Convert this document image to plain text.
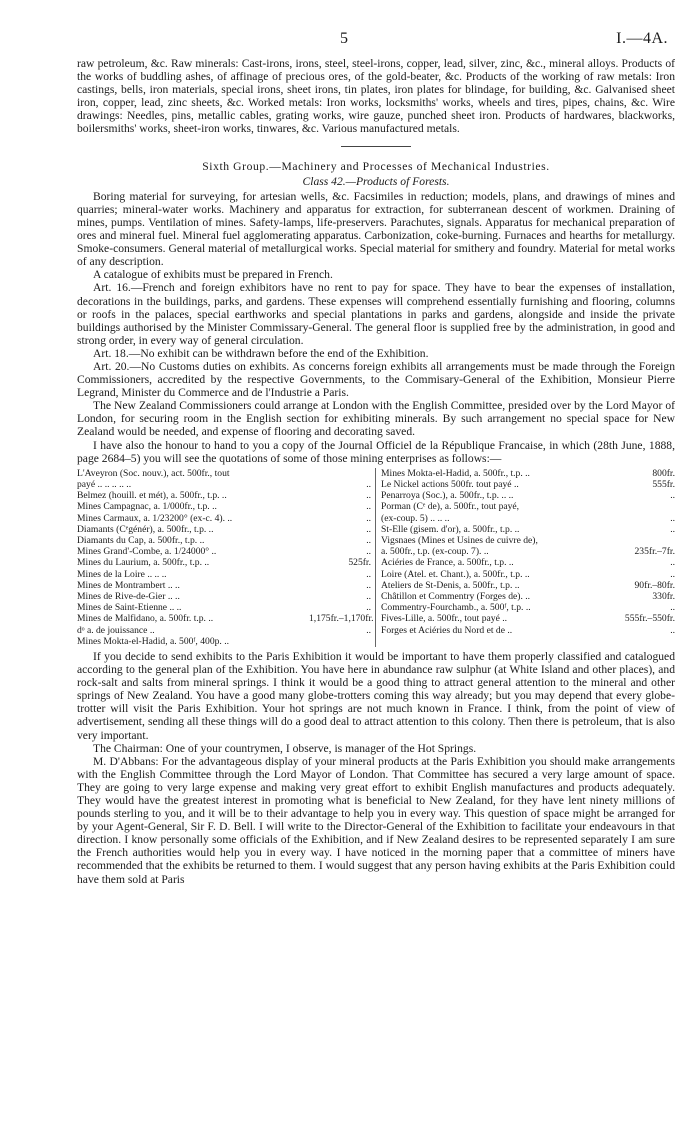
5	I.—4A.

raw petroleum, &c. Raw minerals: Cast-irons, irons, steel, steel-irons, copper, lead, silver, zinc, &c., mineral alloys. Products of the works of buddling ashes, of affinage of precious ores, of the gold-beater, &c. Products of the working of raw metals: Iron castings, bells, iron materials, special irons, sheet irons, tin plates, iron plates for blindage, for building, &c. Galvanised sheet iron, copper, lead, zinc sheets, &c. Worked metals: Iron works, locksmiths' works, wheels and tires, pipes, chains, &c. Wire drawings: Needles, pins, metallic cables, grating works, wire gauze, punched sheet iron. Products of hardwares, blackworks, boilersmiths' works, sheet-iron works, tinwares, &c. Various manufactured metals.

Sixth Group.—Machinery and Processes of Mechanical Industries.

Class 42.—Products of Forests.

Boring material for surveying, for artesian wells, &c. Facsimiles in reduction; models, plans, and drawings of mines and quarries; mineral-water works. Machinery and apparatus for extraction, for subterranean descent of workmen. Draining of mines, pumps. Ventilation of mines. Safety-lamps, life-preservers. Parachutes, signals. Apparatus for mechanical preparation of ores and mineral fuel. Mineral fuel agglomerating apparatus. Carbonization, coke-burning. Furnaces and hearths for metallurgy. Smoke-consumers. General material of metallurgical works. Special material for smithery and foundry. Material for metal works of any description.

A catalogue of exhibits must be prepared in French.

Art. 16.—French and foreign exhibitors have no rent to pay for space. They have to bear the expenses of installation, decorations in the buildings, parks, and gardens. These expenses will comprehend essentially furnishing and flooring, columns or roofs in the palaces, special earthworks and special plantations in parks and gardens, alongside and inside the private buildings authorised by the Minister Commissary-General. The general floor is supplied free by the administration, in good and strong order, in every way of general circulation.

Art. 18.—No exhibit can be withdrawn before the end of the Exhibition.

Art. 20.—No Customs duties on exhibits. As concerns foreign exhibits all arrangements must be made through the Foreign Commissioners, accredited by the respective Governments, to the Commisary-General of the Exhibition, Monsieur Pierre Legrand, Minister du Commerce and de l'Industrie a Paris.

The New Zealand Commissioners could arrange at London with the English Committee, presided over by the Lord Mayor of London, for securing room in the English section for exhibiting minerals. By such arrangement no special space for New Zealand would be needed, and expense of flooring and decorating saved.

I have also the honour to hand to you a copy of the Journal Officiel de la République Francaise, in which (28th June, 1888, page 2684–5) you will see the quotations of some of those mining enterprises as follows:—

L'Aveyron (Soc. nouv.), act. 500fr., tout
payé .. .. .. .. ..	..
Belmez (houill. et mét), a. 500fr., t.p. ..	..
Mines Campagnac, a. 1/000fr., t.p. ..	..
Mines Carmaux, a. 1/23200° (ex-c. 4). ..	..
Diamants (Cᵉgénér), a. 500fr., t.p. ..	..
Diamants du Cap, a. 500fr., t.p. ..	..
Mines Grand'-Combe, a. 1/24000° ..	..
Mines du Laurium, a. 500fr., t.p. ..	525fr.
Mines de la Loire .. .. ..	..
Mines de Montrambert .. ..	..
Mines de Rive-de-Gier .. ..	..
Mines de Saint-Etienne .. ..	..
Mines de Malfidano, a. 500fr. t.p. ..	1,175fr.–1,170fr.
dᵒ a. de jouissance ..	..
Mines Mokta-el-Hadid, a. 500ᶠ, 400p. ..
Mines Mokta-el-Hadid, a. 500fr., t.p. ..	800fr.
Le Nickel actions 500fr. tout payé ..	555fr.
Penarroya (Soc.), a. 500fr., t.p. .. ..	..
Porman (Cᵉ de), a. 500fr., tout payé,
(ex-coup. 5) .. .. ..	..
St-Elle (gisem. d'or), a. 500fr., t.p. ..	..
Vigsnaes (Mines et Usines de cuivre de),
a. 500fr., t.p. (ex-coup. 7). ..	235fr.–7fr.
Aciéries de France, a. 500fr., t.p. ..	..
Loire (Atel. et. Chant.), a. 500fr., t.p. ..	..
Ateliers de St-Denis, a. 500fr., t.p. ..	90fr.–80fr.
Châtillon et Commentry (Forges de). ..	330fr.
Commentry-Fourchamb., a. 500ᶠ, t.p. ..	..
Fives-Lille, a. 500fr., tout payé ..	555fr.–550fr.
Forges et Aciéries du Nord et de ..	..

If you decide to send exhibits to the Paris Exhibition it would be important to have them properly classified and catalogued according to the general plan of the Exhibition. You have here in abundance raw sulphur (at White Island and other places), and rock-salt and salts from mineral springs. I think it would be a good thing to attract general attention to the mineral and other springs of New Zealand. You have a good many globe-trotters coming this way already; but you may depend that every globe-trotter will visit the Paris Exhibition. Your hot springs are not much known in France. I think, from the point of view of advertisement, sending all these things will do a good deal to attract attention to this colony. Then there is petroleum, that is also very important.

The Chairman: One of your countrymen, I observe, is manager of the Hot Springs.

M. D'Abbans: For the advantageous display of your mineral products at the Paris Exhibition you should make arrangements with the English Committee through the Lord Mayor of London. That Committee has secured a very large amount of space. They are going to very large expense and making very great effort to exhibit English manufactures and products adequately. They would have the greatest interest in promoting what is beneficial to New Zealand, for they have lent ninety millions of pounds sterling to you, and it will be to their advantage to help you in every way. This question of space might be arranged for by your Agent-General, Sir F. D. Bell. I will write to the Director-General of the Exhibition to facilitate your endeavours in that direction. I know personally some officials of the Exhibition, and if New Zealand desires to be represented separately I am sure the French authorities would help you in every way. I have noticed in the morning paper that a committee of miners have recommended that the exhibits be returned to them. I would suggest that any person having exhibits at the Paris Exhibition could have them sold at Paris
